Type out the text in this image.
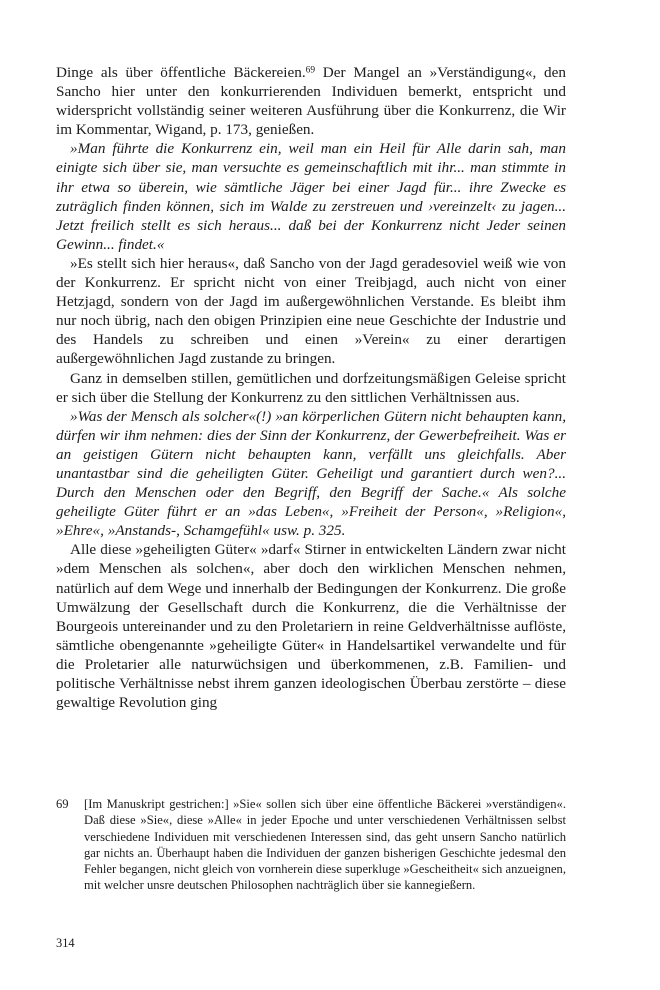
Dinge als über öffentliche Bäckereien.$^{69}$ Der Mangel an »Verständigung«, den Sancho hier unter den konkurrierenden Individuen bemerkt, entspricht und widerspricht vollständig seiner weiteren Ausführung über die Konkurrenz, die Wir im Kommentar, Wigand, p. 173, genießen.

»Man führte die Konkurrenz ein, weil man ein Heil für Alle darin sah, man einigte sich über sie, man versuchte es gemeinschaftlich mit ihr... man stimmte in ihr etwa so überein, wie sämtliche Jäger bei einer Jagd für... ihre Zwecke es zuträglich finden können, sich im Walde zu zerstreuen und ›vereinzelt‹ zu jagen... Jetzt freilich stellt es sich heraus... daß bei der Konkurrenz nicht Jeder seinen Gewinn... findet.«

»Es stellt sich hier heraus«, daß Sancho von der Jagd geradesoviel weiß wie von der Konkurrenz. Er spricht nicht von einer Treibjagd, auch nicht von einer Hetzjagd, sondern von der Jagd im außergewöhnlichen Verstande. Es bleibt ihm nur noch übrig, nach den obigen Prinzipien eine neue Geschichte der Industrie und des Handels zu schreiben und einen »Verein« zu einer derartigen außergewöhnlichen Jagd zustande zu bringen.

Ganz in demselben stillen, gemütlichen und dorfzeitungsmäßigen Geleise spricht er sich über die Stellung der Konkurrenz zu den sittlichen Verhältnissen aus.

»Was der Mensch als solcher«(!) »an körperlichen Gütern nicht behaupten kann, dürfen wir ihm nehmen: dies der Sinn der Konkurrenz, der Gewerbefreiheit. Was er an geistigen Gütern nicht behaupten kann, verfällt uns gleichfalls. Aber unantastbar sind die geheiligten Güter. Geheiligt und garantiert durch wen?... Durch den Menschen oder den Begriff, den Begriff der Sache.« Als solche geheiligte Güter führt er an »das Leben«, »Freiheit der Person«, »Religion«, »Ehre«, »Anstands-, Schamgefühl« usw. p. 325.

Alle diese »geheiligten Güter« »darf« Stirner in entwickelten Ländern zwar nicht »dem Menschen als solchen«, aber doch den wirklichen Menschen nehmen, natürlich auf dem Wege und innerhalb der Bedingungen der Konkurrenz. Die große Umwälzung der Gesellschaft durch die Konkurrenz, die die Verhältnisse der Bourgeois untereinander und zu den Proletariern in reine Geldverhältnisse auflöste, sämtliche obengenannte »geheiligte Güter« in Handelsartikel verwandelte und für die Proletarier alle naturwüchsigen und überkommenen, z.B. Familien- und politische Verhältnisse nebst ihrem ganzen ideologischen Überbau zerstörte – diese gewaltige Revolution ging

69 [Im Manuskript gestrichen:] »Sie« sollen sich über eine öffentliche Bäckerei »verständigen«. Daß diese »Sie«, diese »Alle« in jeder Epoche und unter verschiedenen Verhältnissen selbst verschiedene Individuen mit verschiedenen Interessen sind, das geht unsern Sancho natürlich gar nichts an. Überhaupt haben die Individuen der ganzen bisherigen Geschichte jedesmal den Fehler begangen, nicht gleich von vornherein diese superkluge »Gescheitheit« sich anzueignen, mit welcher unsre deutschen Philosophen nachträglich über sie kannegießern.
314
